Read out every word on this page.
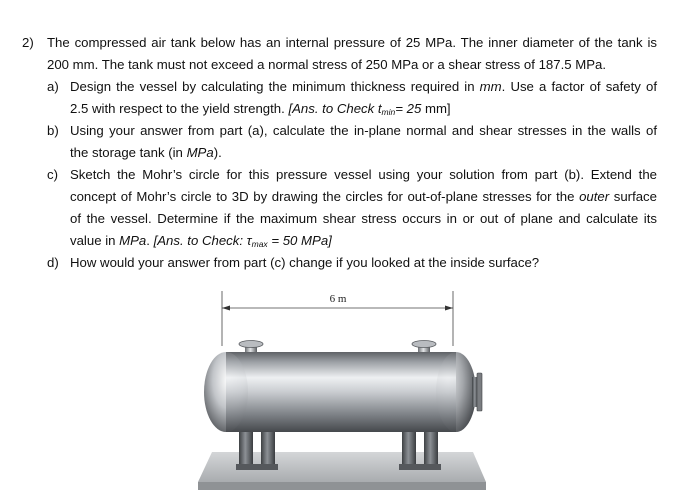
2) The compressed air tank below has an internal pressure of 25 MPa. The inner diameter of the tank is
200 mm. The tank must not exceed a normal stress of 250 MPa or a shear stress of 187.5 MPa.
a) Design the vessel by calculating the minimum thickness required in mm. Use a factor of safety of
2.5 with respect to the yield strength. [Ans. to Check $t_{min}= 25$ mm]
b) Using your answer from part (a), calculate the in-plane normal and shear stresses in the walls of
the storage tank (in MPa).
c) Sketch the Mohr’s circle for this pressure vessel using your solution from part (b). Extend the
concept of Mohr’s circle to 3D by drawing the circles for out-of-plane stresses for the outer surface
of the vessel. Determine if the maximum shear stress occurs in or out of plane and calculate its
value in MPa. [Ans. to Check: $\tau_{max} = 50$ MPa]
d) How would your answer from part (c) change if you looked at the inside surface?
6 m
